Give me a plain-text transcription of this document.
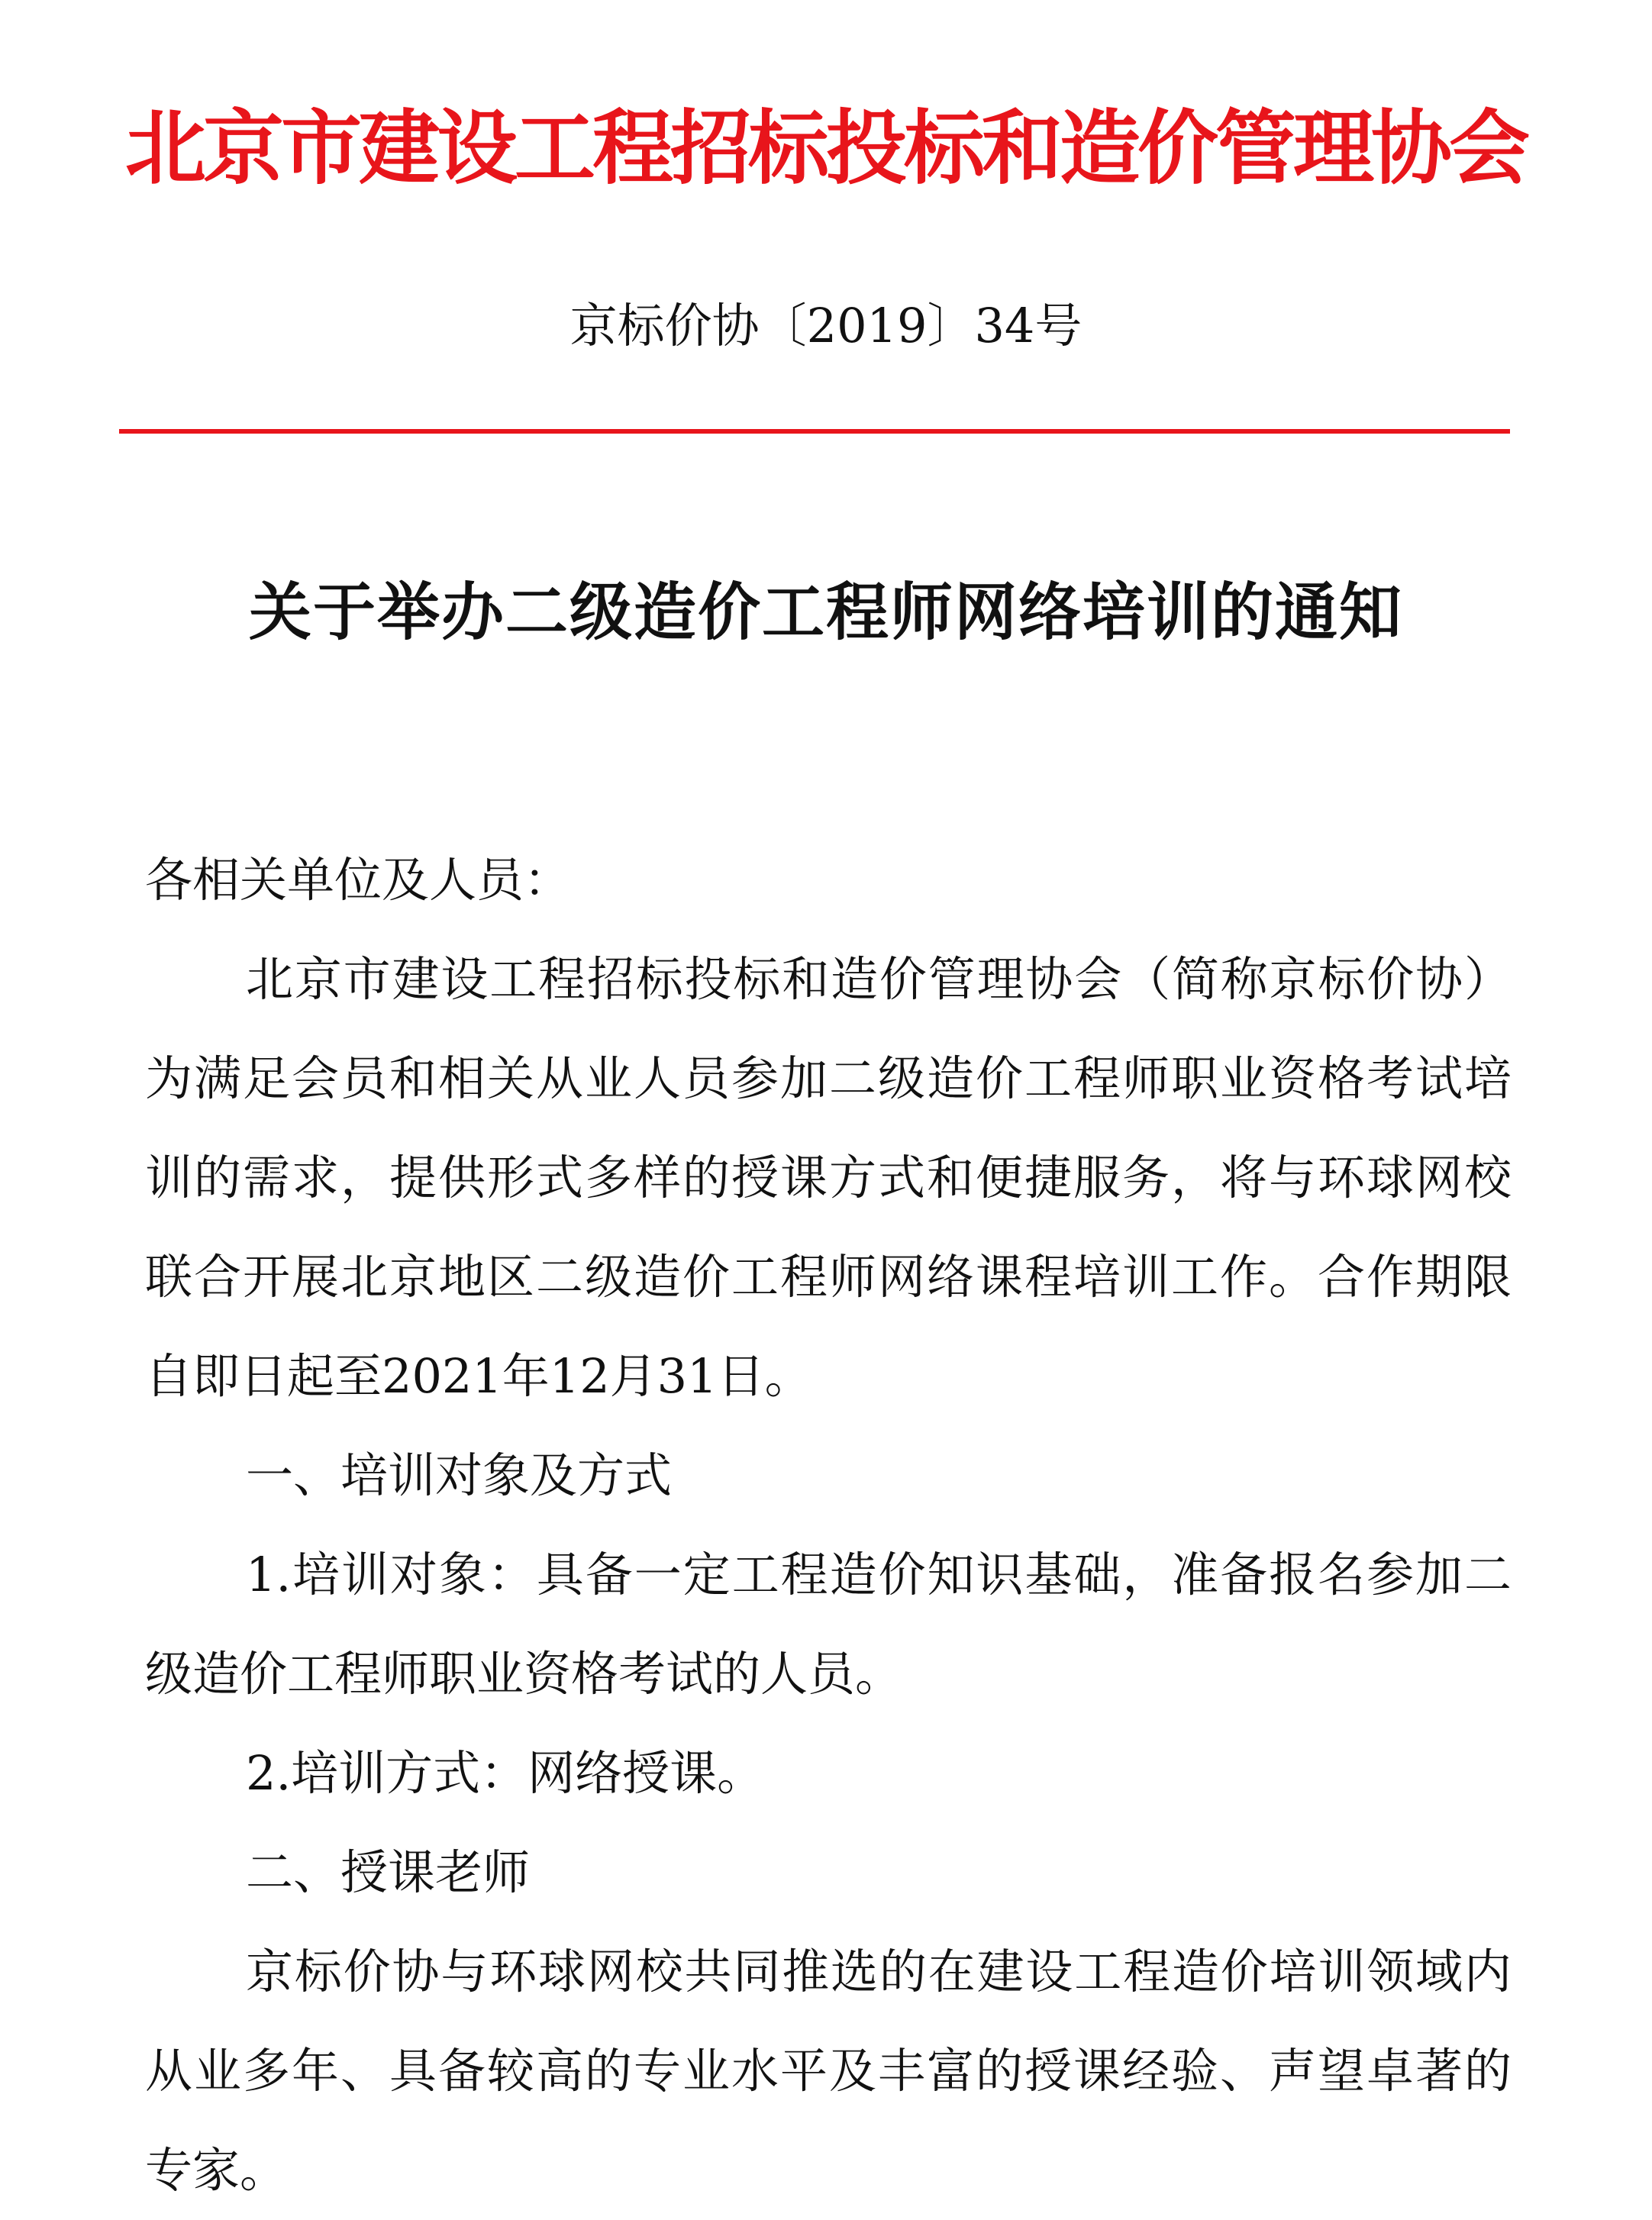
北京市建设工程招标投标和造价管理协会
京标价协〔2019〕34号
关于举办二级造价工程师网络培训的通知

各相关单位及人员：

北京市建设工程招标投标和造价管理协会（简称京标价协）为满足会员和相关从业人员参加二级造价工程师职业资格考试培训的需求，提供形式多样的授课方式和便捷服务，将与环球网校联合开展北京地区二级造价工程师网络课程培训工作。合作期限自即日起至2021年12月31日。

一、培训对象及方式

1.培训对象：具备一定工程造价知识基础，准备报名参加二级造价工程师职业资格考试的人员。

2.培训方式：网络授课。

二、授课老师

京标价协与环球网校共同推选的在建设工程造价培训领域内从业多年、具备较高的专业水平及丰富的授课经验、声望卓著的专家。
